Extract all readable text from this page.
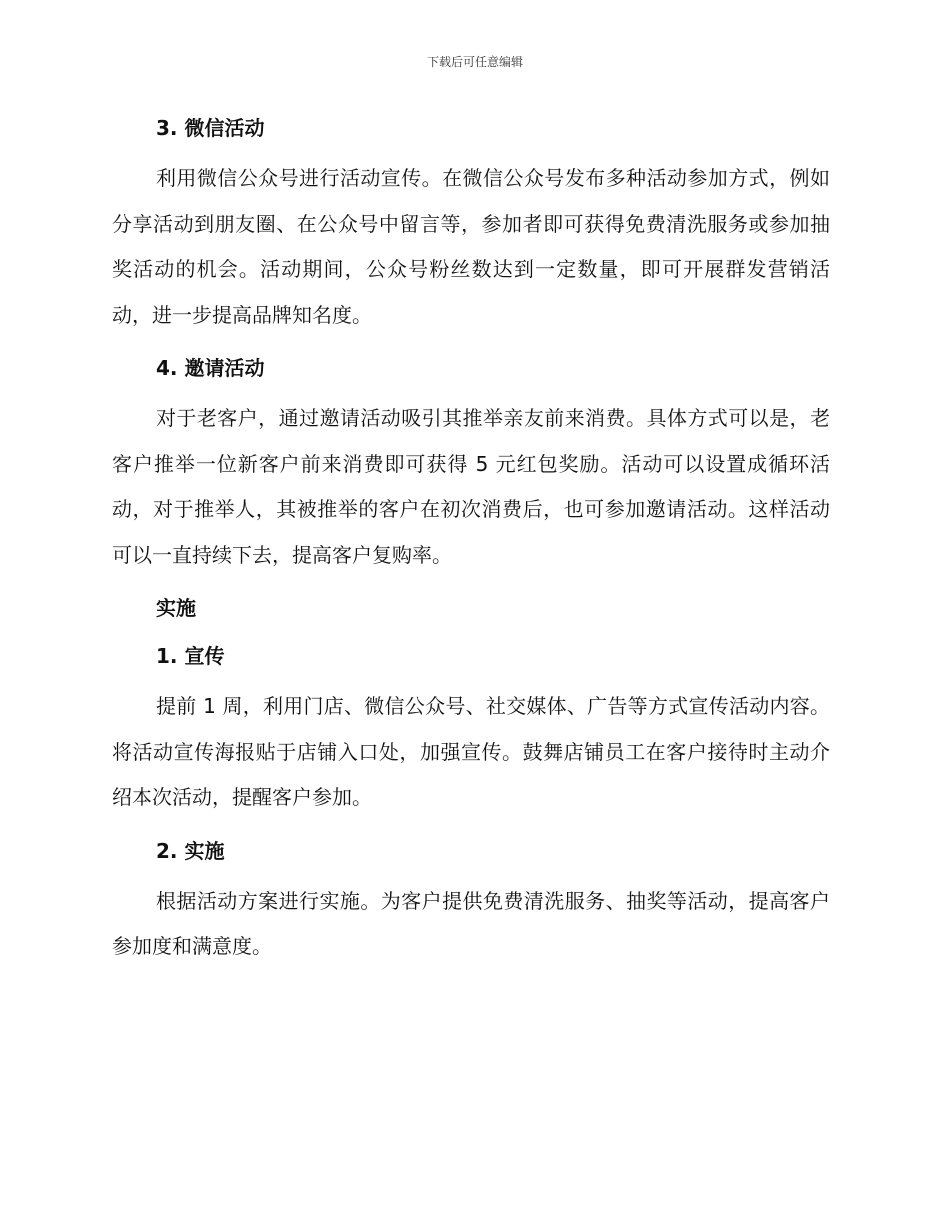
下载后可任意编辑
3. 微信活动

利用微信公众号进行活动宣传。在微信公众号发布多种活动参加方式，例如分享活动到朋友圈、在公众号中留言等，参加者即可获得免费清洗服务或参加抽奖活动的机会。活动期间，公众号粉丝数达到一定数量，即可开展群发营销活动，进一步提高品牌知名度。

4. 邀请活动

对于老客户，通过邀请活动吸引其推举亲友前来消费。具体方式可以是，老客户推举一位新客户前来消费即可获得 5 元红包奖励。活动可以设置成循环活动，对于推举人，其被推举的客户在初次消费后，也可参加邀请活动。这样活动可以一直持续下去，提高客户复购率。

实施
1. 宣传

提前 1 周，利用门店、微信公众号、社交媒体、广告等方式宣传活动内容。将活动宣传海报贴于店铺入口处，加强宣传。鼓舞店铺员工在客户接待时主动介绍本次活动，提醒客户参加。

2. 实施

根据活动方案进行实施。为客户提供免费清洗服务、抽奖等活动，提高客户参加度和满意度。
